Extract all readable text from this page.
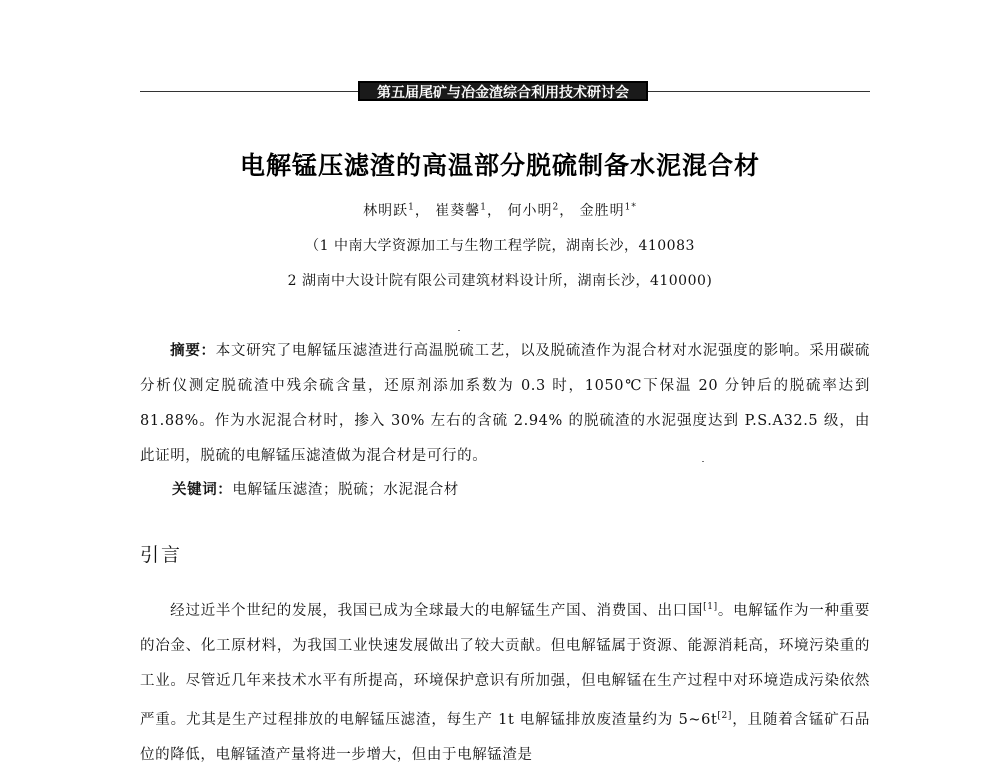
第五届尾矿与冶金渣综合利用技术研讨会
电解锰压滤渣的高温部分脱硫制备水泥混合材
林明跃$^1$， 崔葵馨$^1$， 何小明$^2$， 金胜明$^{1*}$
（1 中南大学资源加工与生物工程学院，湖南长沙，410083
2 湖南中大设计院有限公司建筑材料设计所，湖南长沙，410000)

摘要：本文研究了电解锰压滤渣进行高温脱硫工艺，以及脱硫渣作为混合材对水泥强度的影响。采用碳硫分析仪测定脱硫渣中残余硫含量，还原剂添加系数为 0.3 时，1050℃下保温 20 分钟后的脱硫率达到 81.88%。作为水泥混合材时，掺入 30% 左右的含硫 2.94% 的脱硫渣的水泥强度达到 P.S.A32.5 级，由此证明，脱硫的电解锰压滤渣做为混合材是可行的。

关键词：电解锰压滤渣；脱硫；水泥混合材
引言

经过近半个世纪的发展，我国已成为全球最大的电解锰生产国、消费国、出口国[1]。电解锰作为一种重要的冶金、化工原材料，为我国工业快速发展做出了较大贡献。但电解锰属于资源、能源消耗高，环境污染重的工业。尽管近几年来技术水平有所提高，环境保护意识有所加强，但电解锰在生产过程中对环境造成污染依然严重。尤其是生产过程排放的电解锰压滤渣，每生产 1t 电解锰排放废渣量约为 5~6t[2]，且随着含锰矿石品位的降低，电解锰渣产量将进一步增大，但由于电解锰渣是
